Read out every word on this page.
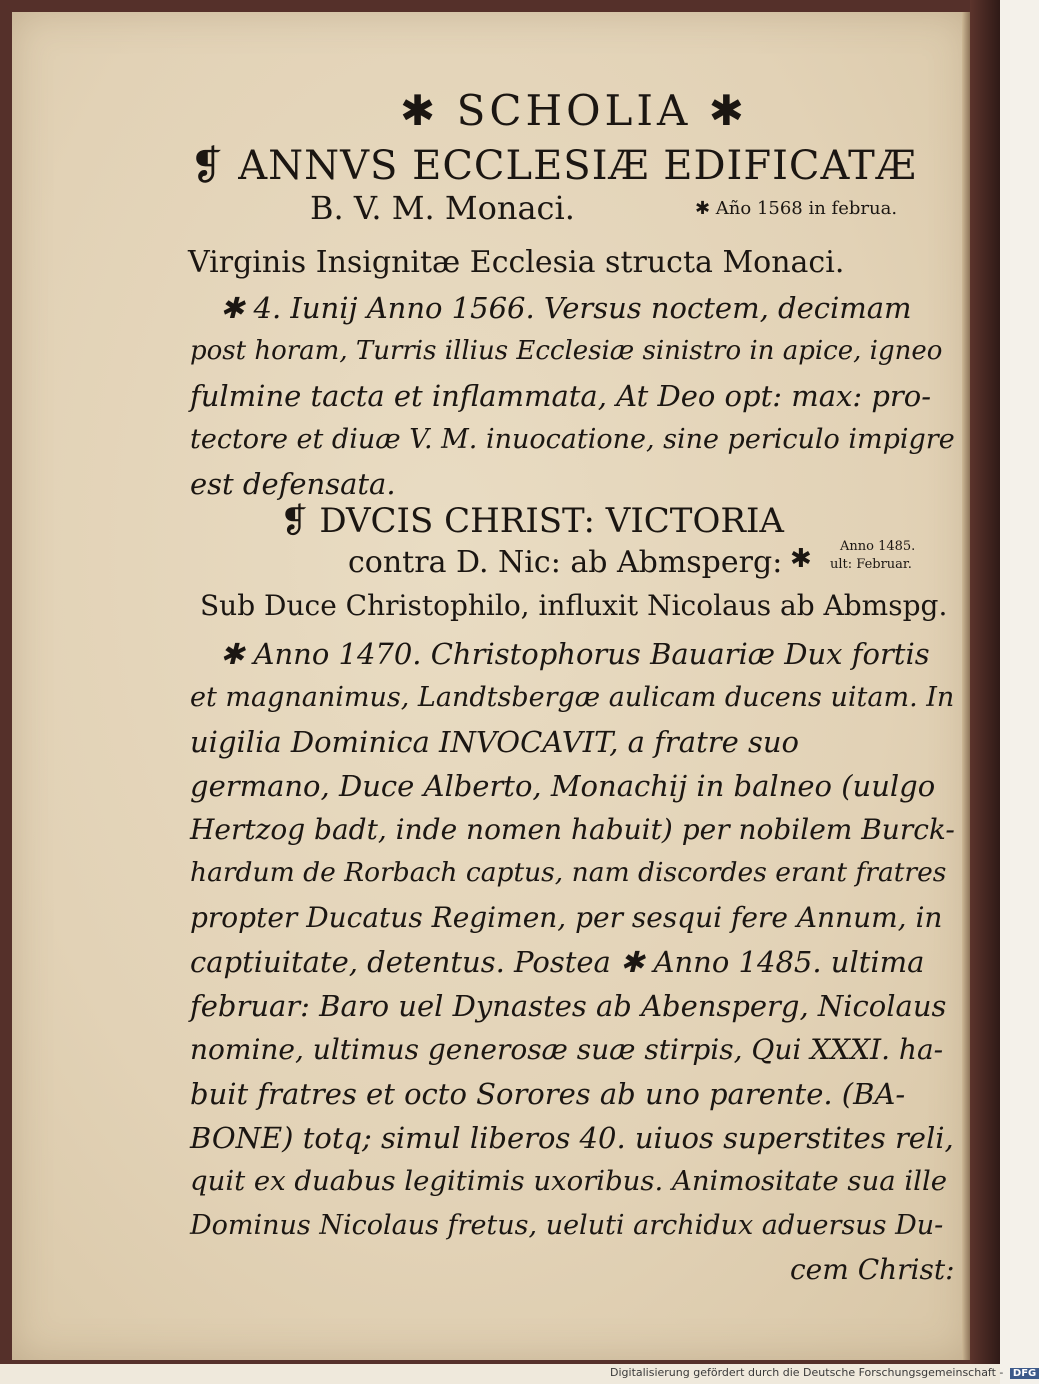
✱ SCHOLIA ✱
❡ ANNVS ECCLESIÆ EDIFICATÆ
B. V. M. Monaci.	✱ Año 1568 in februa.
Virginis Insignitæ Ecclesia structa Monaci.
✱ 4. Iunij Anno 1566. Versus noctem, decimam
post horam, Turris illius Ecclesiæ sinistro in apice, igneo
fulmine tacta et inflammata, At Deo opt: max: pro-
tectore et diuæ V. M. inuocatione, sine periculo impigre
est defensata.
❡ DVCIS CHRIST: VICTORIA
contra D. Nic: ab Abmsperg: ✱ Anno 1485.
ult: Februar.
Sub Duce Christophilo, influxit Nicolaus ab Abmspg.
✱ Anno 1470. Christophorus Bauariæ Dux fortis
et magnanimus, Landtsbergæ aulicam ducens uitam. In
uigilia Dominica INVOCAVIT, a fratre suo
germano, Duce Alberto, Monachij in balneo (uulgo
Hertzog badt, inde nomen habuit) per nobilem Burck-
hardum de Rorbach captus, nam discordes erant fratres
propter Ducatus Regimen, per sesqui fere Annum, in
captiuitate, detentus. Postea ✱ Anno 1485. ultima
februar: Baro uel Dynastes ab Abensperg, Nicolaus
nomine, ultimus generosæ suæ stirpis, Qui XXXI. ha-
buit fratres et octo Sorores ab uno parente. (BA-
BONE) totq; simul liberos 40. uiuos superstites reli,
quit ex duabus legitimis uxoribus. Animositate sua ille
Dominus Nicolaus fretus, ueluti archidux aduersus Du-
cem Christ:
Digitalisierung gefördert durch die Deutsche Forschungsgemeinschaft - DFG
